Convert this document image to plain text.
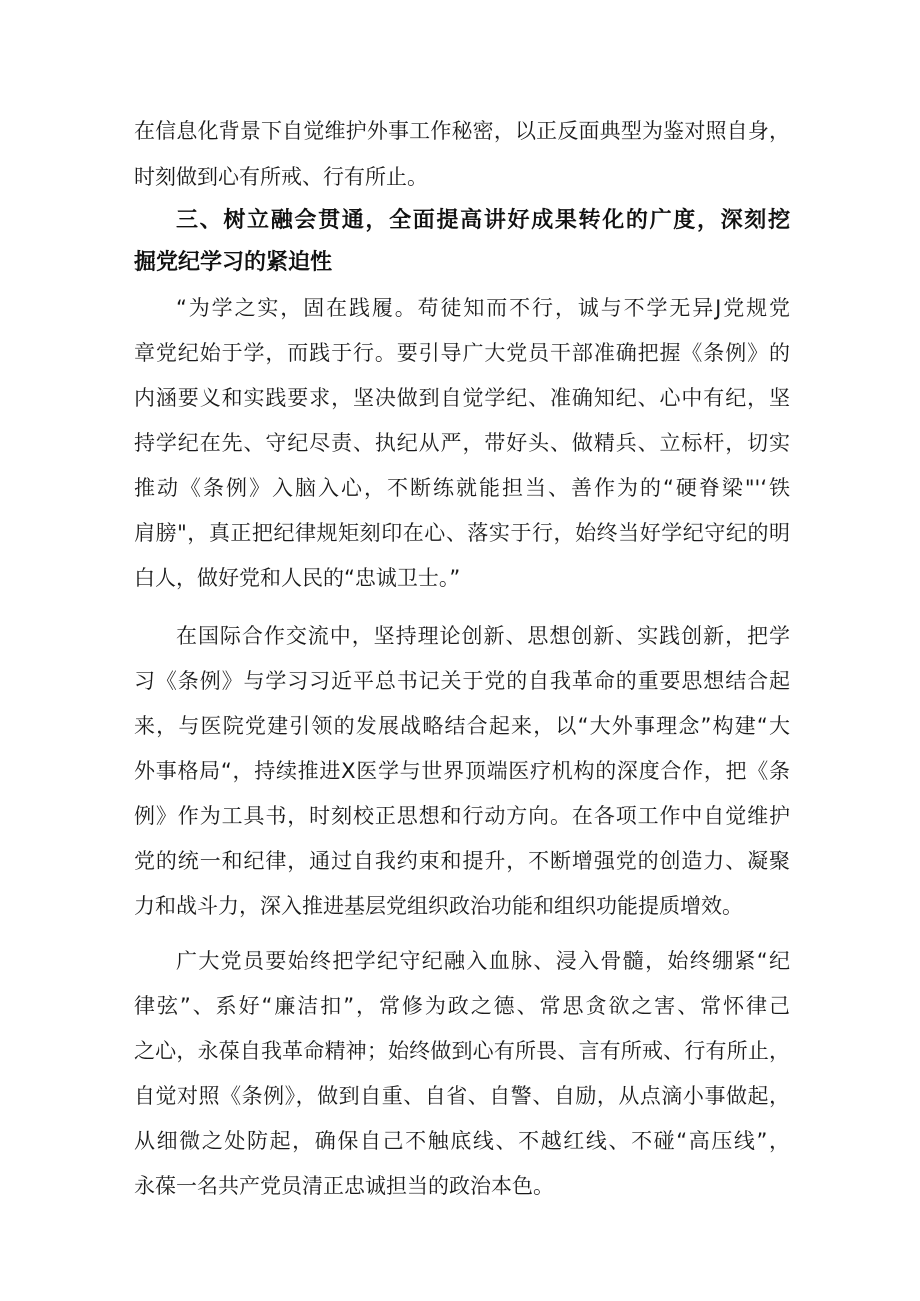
在信息化背景下自觉维护外事工作秘密，以正反面典型为鉴对照自身，
时刻做到心有所戒、行有所止。
三、树立融会贯通，全面提高讲好成果转化的广度，深刻挖
掘党纪学习的紧迫性
“为学之实，固在践履。苟徒知而不行，诚与不学无异J党规党
章党纪始于学，而践于行。要引导广大党员干部准确把握《条例》的
内涵要义和实践要求，坚决做到自觉学纪、准确知纪、心中有纪，坚
持学纪在先、守纪尽责、执纪从严，带好头、做精兵、立标杆，切实
推动《条例》入脑入心，不断练就能担当、善作为的“硬脊梁"'‘铁
肩膀"，真正把纪律规矩刻印在心、落实于行，始终当好学纪守纪的明
白人，做好党和人民的“忠诚卫士。”
在国际合作交流中，坚持理论创新、思想创新、实践创新，把学
习《条例》与学习习近平总书记关于党的自我革命的重要思想结合起
来，与医院党建引领的发展战略结合起来，以“大外事理念”构建“大
外事格局“，持续推进X医学与世界顶端医疗机构的深度合作，把《条
例》作为工具书，时刻校正思想和行动方向。在各项工作中自觉维护
党的统一和纪律，通过自我约束和提升，不断增强党的创造力、凝聚
力和战斗力，深入推进基层党组织政治功能和组织功能提质增效。
广大党员要始终把学纪守纪融入血脉、浸入骨髓，始终绷紧“纪
律弦”、系好“廉洁扣”，常修为政之德、常思贪欲之害、常怀律己
之心，永葆自我革命精神；始终做到心有所畏、言有所戒、行有所止，
自觉对照《条例》，做到自重、自省、自警、自励，从点滴小事做起，
从细微之处防起，确保自己不触底线、不越红线、不碰“高压线”，
永葆一名共产党员清正忠诚担当的政治本色。
